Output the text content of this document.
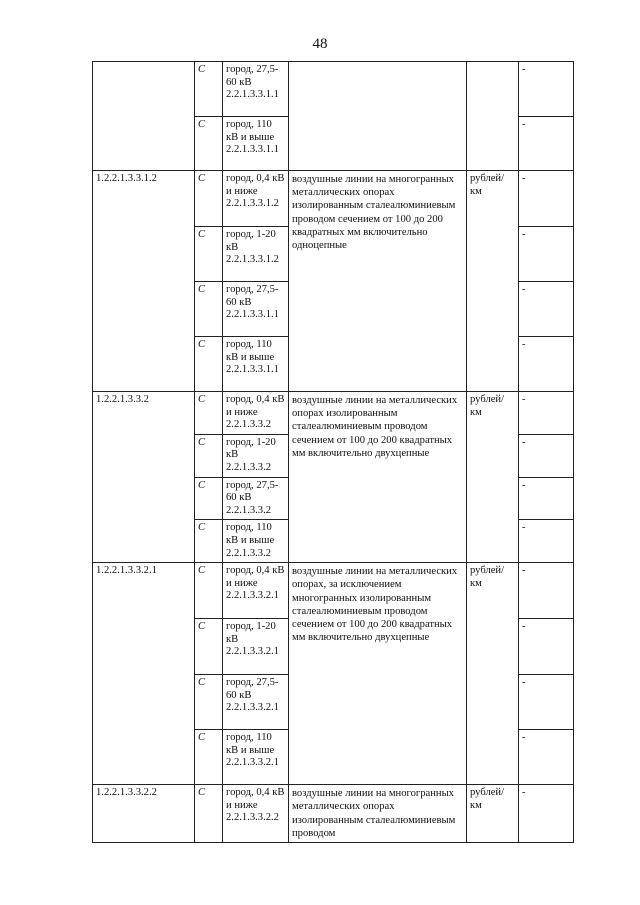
48
	С	город, 27,5-60 кВ 2.2.1.3.3.1.1			-
	С	город, 110 кВ и выше 2.2.1.3.3.1.1			-
1.2.2.1.3.3.1.2	С	город, 0,4 кВ и ниже 2.2.1.3.3.1.2	воздушные линии на многогранных металлических опорах изолированным сталеалюминиевым проводом сечением от 100 до 200 квадратных мм включительно одноцепные	рублей/ км	-
	С	город, 1-20 кВ 2.2.1.3.3.1.2			-
	С	город, 27,5-60 кВ 2.2.1.3.3.1.1			-
	С	город, 110 кВ и выше 2.2.1.3.3.1.1			-
1.2.2.1.3.3.2	С	город, 0,4 кВ и ниже 2.2.1.3.3.2	воздушные линии на металлических опорах изолированным сталеалюминиевым проводом сечением от 100 до 200 квадратных мм включительно двухцепные	рублей/ км	-
	С	город, 1-20 кВ 2.2.1.3.3.2			-
	С	город, 27,5-60 кВ 2.2.1.3.3.2			-
	С	город, 110 кВ и выше 2.2.1.3.3.2			-
1.2.2.1.3.3.2.1	С	город, 0,4 кВ и ниже 2.2.1.3.3.2.1	воздушные линии на металлических опорах, за исключением многогранных изолированным сталеалюминиевым проводом сечением от 100 до 200 квадратных мм включительно двухцепные	рублей/ км	-
	С	город, 1-20 кВ 2.2.1.3.3.2.1			-
	С	город, 27,5-60 кВ 2.2.1.3.3.2.1			-
	С	город, 110 кВ и выше 2.2.1.3.3.2.1			-
1.2.2.1.3.3.2.2	С	город, 0,4 кВ и ниже 2.2.1.3.3.2.2	воздушные линии на многогранных металлических опорах изолированным сталеалюминиевым проводом	рублей/ км	-
